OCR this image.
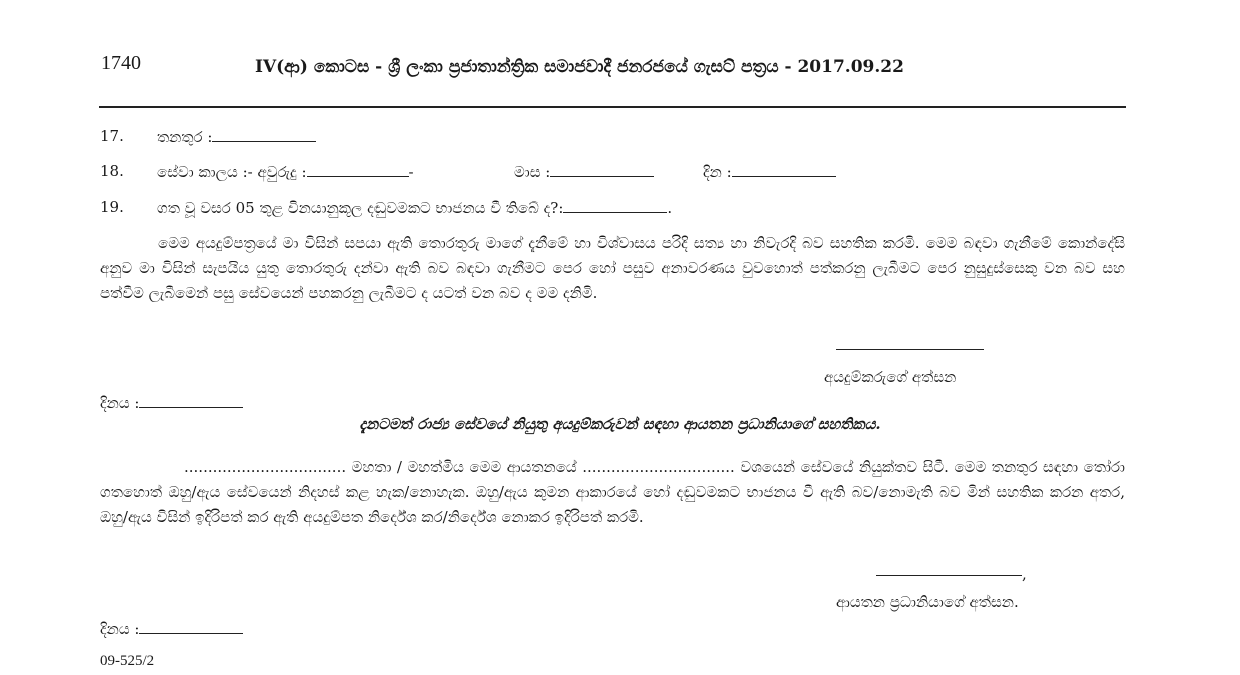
1740	IV(ආ) කොටස - ශ්‍රී ලංකා ප්‍රජාතාන්ත්‍රික සමාජවාදී ජනරජයේ ගැසට් පත්‍රය - 2017.09.22
17.	තනතුර :
18.	සේවා කාලය :- අවුරුදු :	-	මාස :	දින :
19.	ගත වූ වසර 05 තුළ විනයානුකූල දඬුවමකට භාජනය වී තිබේ ද?:	.
මෙම අයදුම්පත්‍රයේ මා විසින් සපයා ඇති තොරතුරු මාගේ දැනීමේ හා විශ්වාසය පරිදි සත්‍ය හා නිවැරදි බව සහතික කරමි. මෙම බඳවා ගැනීමේ කොන්දේසි අනුව මා විසින් සැපයිය යුතු තොරතුරු දන්වා ඇති බව බඳවා ගැනීමට පෙර හෝ පසුව අනාවරණය වුවහොත් පත්කරනු ලැබීමට පෙර නුසුදුස්සෙකු වන බව සහ පත්වීම ලැබීමෙන් පසු සේවයෙන් පහකරනු ලැබීමට ද යටත් වන බව ද මම දනිමි.
අයදුම්කරුගේ අත්සන
දිනය :
දැනටමත් රාජ්‍ය සේවයේ නියුතු අයදුම්කරුවන් සඳහා ආයතන ප්‍රධානියාගේ සහතිකය.
.................................. මහතා / මහත්මිය මෙම ආයතනයේ ................................ වශයෙන් සේවයේ නියුක්තව සිටී. මෙම තනතුර සඳහා තෝරා ගතහොත් ඔහු/ඇය සේවයෙන් නිදහස් කළ හැක/නොහැක. ඔහු/ඇය කුමන ආකාරයේ හෝ දඬුවමකට භාජනය වී ඇති බව/නොමැති බව මින් සහතික කරන අතර, ඔහු/ඇය විසින් ඉදිරිපත් කර ඇති අයදුම්පත නිර්දේශ කර/නිර්දේශ නොකර ඉදිරිපත් කරමි.
,
ආයතන ප්‍රධානියාගේ අත්සන.
දිනය :
09-525/2
